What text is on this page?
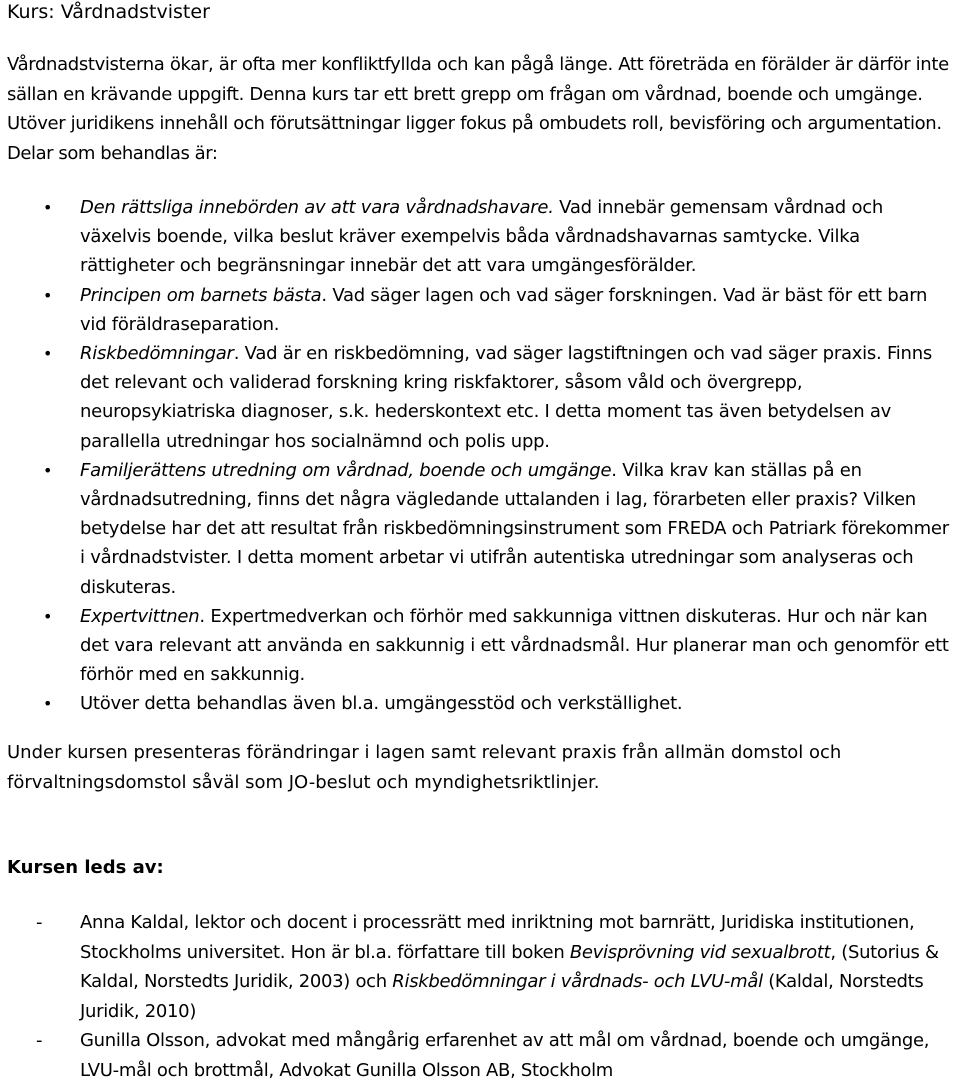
Kurs: Vårdnadstvister

Vårdnadstvisterna ökar, är ofta mer konfliktfyllda och kan pågå länge. Att företräda en förälder är därför inte sällan en krävande uppgift. Denna kurs tar ett brett grepp om frågan om vårdnad, boende och umgänge. Utöver juridikens innehåll och förutsättningar ligger fokus på ombudets roll, bevisföring och argumentation. Delar som behandlas är:

• Den rättsliga innebörden av att vara vårdnadshavare. Vad innebär gemensam vårdnad och växelvis boende, vilka beslut kräver exempelvis båda vårdnadshavarnas samtycke. Vilka rättigheter och begränsningar innebär det att vara umgängesförälder.
• Principen om barnets bästa. Vad säger lagen och vad säger forskningen. Vad är bäst för ett barn vid föräldraseparation.
• Riskbedömningar. Vad är en riskbedömning, vad säger lagstiftningen och vad säger praxis. Finns det relevant och validerad forskning kring riskfaktorer, såsom våld och övergrepp, neuropsykiatriska diagnoser, s.k. hederskontext etc. I detta moment tas även betydelsen av parallella utredningar hos socialnämnd och polis upp.
• Familjerättens utredning om vårdnad, boende och umgänge. Vilka krav kan ställas på en vårdnadsutredning, finns det några vägledande uttalanden i lag, förarbeten eller praxis? Vilken betydelse har det att resultat från riskbedömningsinstrument som FREDA och Patriark förekommer i vårdnadstvister. I detta moment arbetar vi utifrån autentiska utredningar som analyseras och diskuteras.
• Expertvittnen. Expertmedverkan och förhör med sakkunniga vittnen diskuteras. Hur och när kan det vara relevant att använda en sakkunnig i ett vårdnadsmål. Hur planerar man och genomför ett förhör med en sakkunnig.
• Utöver detta behandlas även bl.a. umgängesstöd och verkställighet.

Under kursen presenteras förändringar i lagen samt relevant praxis från allmän domstol och förvaltningsdomstol såväl som JO-beslut och myndighetsriktlinjer.

Kursen leds av:
- Anna Kaldal, lektor och docent i processrätt med inriktning mot barnrätt, Juridiska institutionen, Stockholms universitet. Hon är bl.a. författare till boken Bevisprövning vid sexualbrott, (Sutorius & Kaldal, Norstedts Juridik, 2003) och Riskbedömningar i vårdnads- och LVU-mål (Kaldal, Norstedts Juridik, 2010)
- Gunilla Olsson, advokat med mångårig erfarenhet av att mål om vårdnad, boende och umgänge, LVU-mål och brottmål, Advokat Gunilla Olsson AB, Stockholm
